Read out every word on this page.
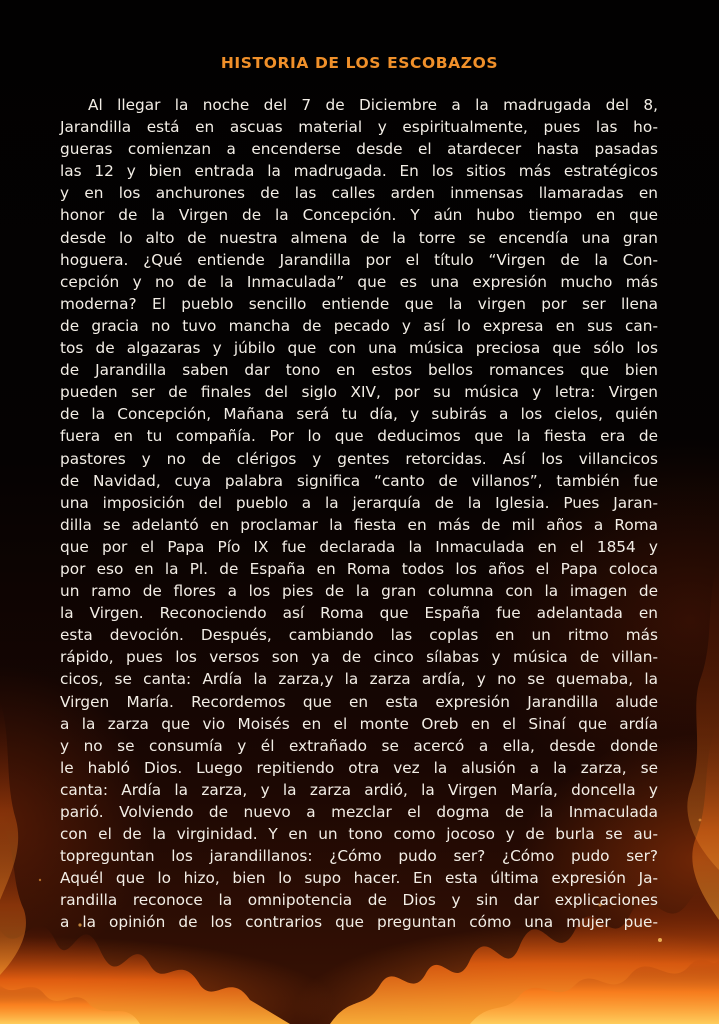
HISTORIA DE LOS ESCOBAZOS
Al llegar la noche del 7 de Diciembre a la madrugada del 8,
Jarandilla está en ascuas material y espiritualmente, pues las ho-
gueras comienzan a encenderse desde el atardecer hasta pasadas
las 12 y bien entrada la madrugada. En los sitios más estratégicos
y en los anchurones de las calles arden inmensas llamaradas en
honor de la Virgen de la Concepción. Y aún hubo tiempo en que
desde lo alto de nuestra almena de la torre se encendía una gran
hoguera. ¿Qué entiende Jarandilla por el título “Virgen de la Con-
cepción y no de la Inmaculada” que es una expresión mucho más
moderna? El pueblo sencillo entiende que la virgen por ser llena
de gracia no tuvo mancha de pecado y así lo expresa en sus can-
tos de algazaras y júbilo que con una música preciosa que sólo los
de Jarandilla saben dar tono en estos bellos romances que bien
pueden ser de finales del siglo XIV, por su música y letra: Virgen
de la Concepción, Mañana será tu día, y subirás a los cielos, quién
fuera en tu compañía. Por lo que deducimos que la fiesta era de
pastores y no de clérigos y gentes retorcidas. Así los villancicos
de Navidad, cuya palabra significa “canto de villanos”, también fue
una imposición del pueblo a la jerarquía de la Iglesia. Pues Jaran-
dilla se adelantó en proclamar la fiesta en más de mil años a Roma
que por el Papa Pío IX fue declarada la Inmaculada en el 1854 y
por eso en la Pl. de España en Roma todos los años el Papa coloca
un ramo de flores a los pies de la gran columna con la imagen de
la Virgen. Reconociendo así Roma que España fue adelantada en
esta devoción. Después, cambiando las coplas en un ritmo más
rápido, pues los versos son ya de cinco sílabas y música de villan-
cicos, se canta: Ardía la zarza,y la zarza ardía, y no se quemaba, la
Virgen María. Recordemos que en esta expresión Jarandilla alude
a la zarza que vio Moisés en el monte Oreb en el Sinaí que ardía
y no se consumía y él extrañado se acercó a ella, desde donde
le habló Dios. Luego repitiendo otra vez la alusión a la zarza, se
canta: Ardía la zarza, y la zarza ardió, la Virgen María, doncella y
parió. Volviendo de nuevo a mezclar el dogma de la Inmaculada
con el de la virginidad. Y en un tono como jocoso y de burla se au-
topreguntan los jarandillanos: ¿Cómo pudo ser? ¿Cómo pudo ser?
Aquél que lo hizo, bien lo supo hacer. En esta última expresión Ja-
randilla reconoce la omnipotencia de Dios y sin dar explicaciones
a la opinión de los contrarios que preguntan cómo una mujer pue-
